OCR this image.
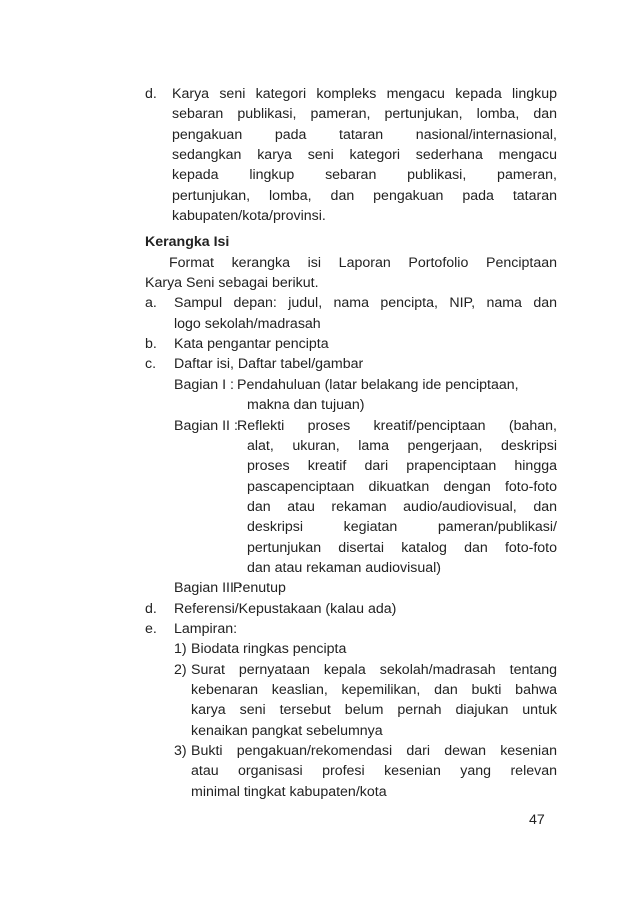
d. Karya seni kategori kompleks mengacu kepada lingkup
sebaran publikasi, pameran, pertunjukan, lomba, dan
pengakuan pada tataran nasional/internasional,
sedangkan karya seni kategori sederhana mengacu
kepada lingkup sebaran publikasi, pameran,
pertunjukan, lomba, dan pengakuan pada tataran
kabupaten/kota/provinsi.
Kerangka Isi
Format kerangka isi Laporan Portofolio Penciptaan
Karya Seni sebagai berikut.
a. Sampul depan: judul, nama pencipta, NIP, nama dan
logo sekolah/madrasah
b. Kata pengantar pencipta
c. Daftar isi, Daftar tabel/gambar
Bagian I : Pendahuluan (latar belakang ide penciptaan,
makna dan tujuan)
Bagian II : Reflekti proses kreatif/penciptaan (bahan,
alat, ukuran, lama pengerjaan, deskripsi
proses kreatif dari prapenciptaan hingga
pascapenciptaan dikuatkan dengan foto-foto
dan atau rekaman audio/audiovisual, dan
deskripsi kegiatan pameran/publikasi/
pertunjukan disertai katalog dan foto-foto
dan atau rekaman audiovisual)
Bagian III :
Penutup
d. Referensi/Kepustakaan (kalau ada)
e. Lampiran:
1) Biodata ringkas pencipta
2) Surat pernyataan kepala sekolah/madrasah tentang
kebenaran keaslian, kepemilikan, dan bukti bahwa
karya seni tersebut belum pernah diajukan untuk
kenaikan pangkat sebelumnya
3) Bukti pengakuan/rekomendasi dari dewan kesenian
atau organisasi profesi kesenian yang relevan
minimal tingkat kabupaten/kota
47
